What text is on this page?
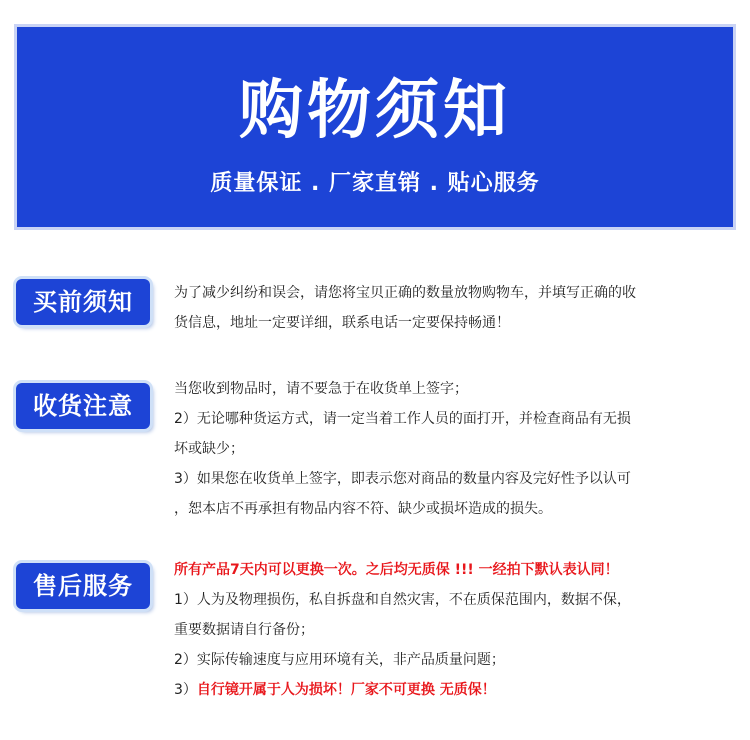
购物须知
质量保证 . 厂家直销 . 贴心服务
买前须知	为了减少纠纷和误会，请您将宝贝正确的数量放物购物车，并填写正确的收

货信息，地址一定要详细，联系电话一定要保持畅通！

收货注意

当您收到物品时，请不要急于在收货单上签字；

2）无论哪种货运方式，请一定当着工作人员的面打开，并检查商品有无损

坏或缺少；

3）如果您在收货单上签字，即表示您对商品的数量内容及完好性予以认可

，恕本店不再承担有物品内容不符、缺少或损坏造成的损失。

售后服务

所有产品7天内可以更换一次。之后均无质保 !!! 一经拍下默认表认同！

1）人为及物理损伤，私自拆盘和自然灾害，不在质保范围内，数据不保，

重要数据请自行备份；

2）实际传输速度与应用环境有关，非产品质量问题；

3）自行镜开属于人为损坏！厂家不可更换 无质保！
